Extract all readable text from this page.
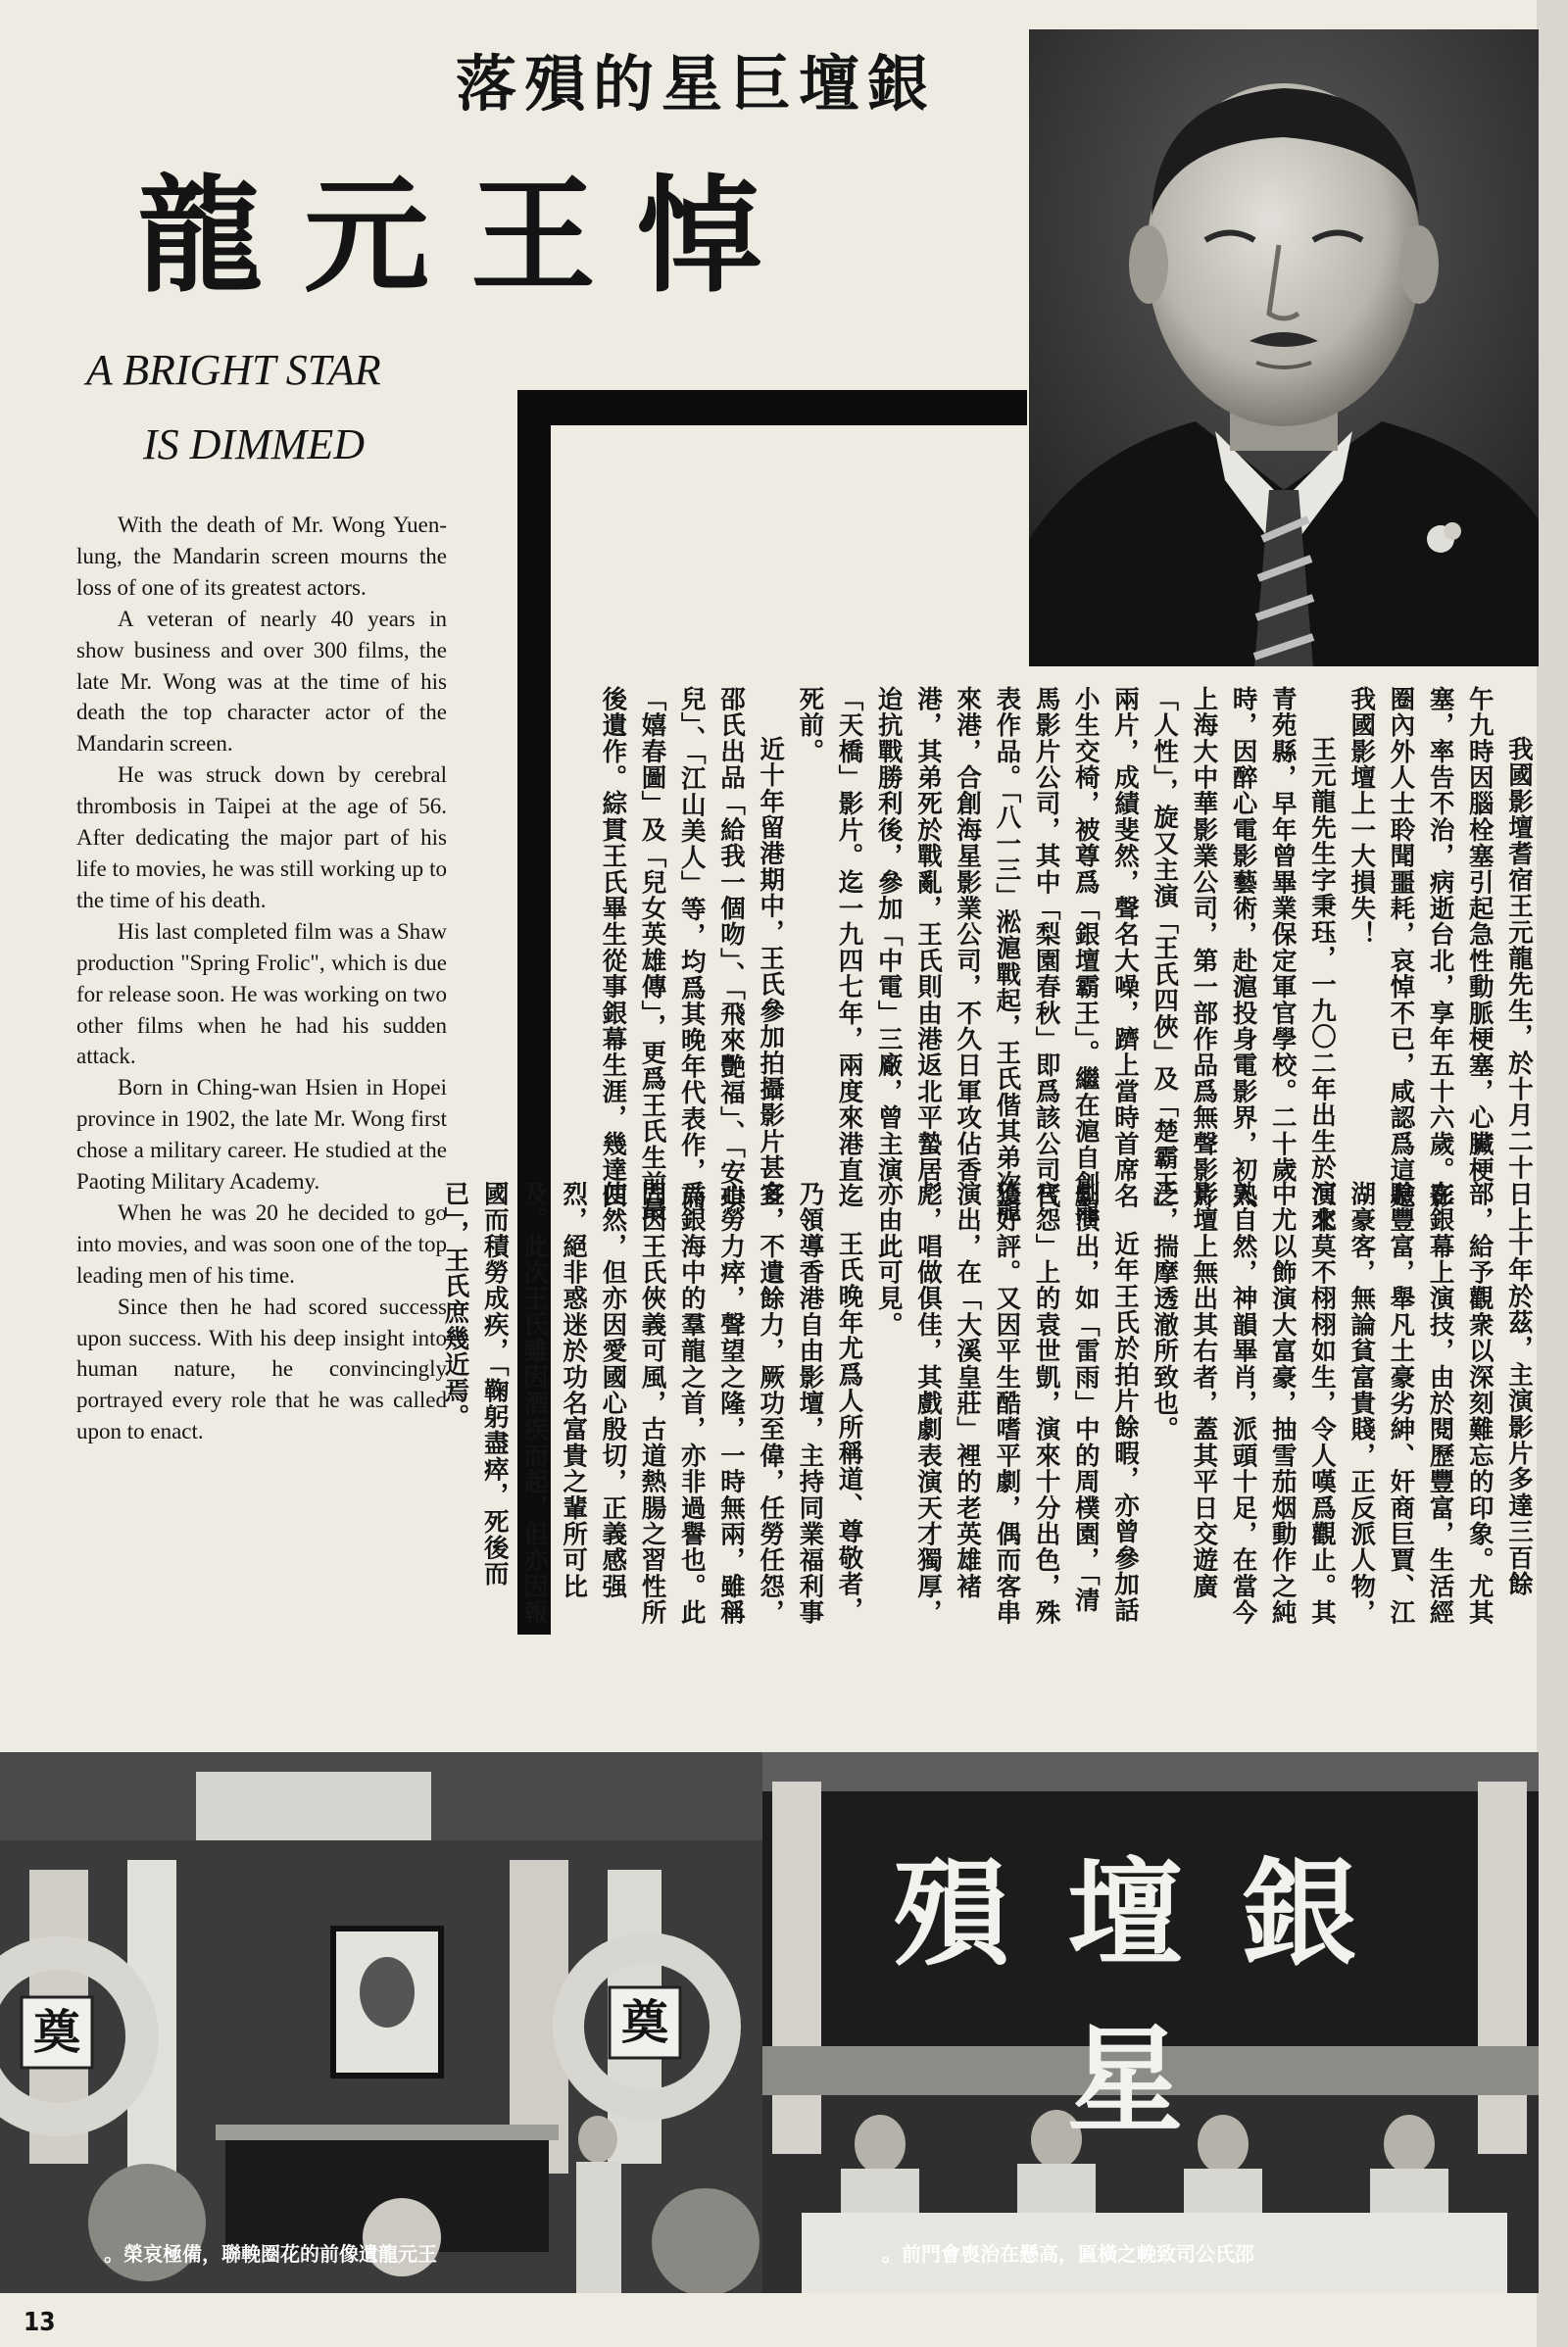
銀壇巨星的殞落
悼王元龍
A BRIGHT STAR
IS DIMMED

With the death of Mr. Wong Yuen-lung, the Mandarin screen mourns the loss of one of its greatest actors.

A veteran of nearly 40 years in show business and over 300 films, the late Mr. Wong was at the time of his death the top character actor of the Mandarin screen.

He was struck down by cerebral thrombosis in Taipei at the age of 56. After dedicating the major part of his life to movies, he was still working up to the time of his death.

His last completed film was a Shaw production "Spring Frolic", which is due for release soon. He was working on two other films when he had his sudden attack.

Born in Ching-wan Hsien in Hopei province in 1902, the late Mr. Wong first chose a military career. He studied at the Paoting Military Academy.

When he was 20 he decided to go into movies, and was soon one of the top leading men of his time.

Since then he had scored success upon success. With his deep insight into human nature, he convincingly portrayed every role that he was called upon to enact.

我國影壇耆宿王元龍先生，於十月二十日上午九時因腦栓塞引起急性動脈梗塞，心臟梗塞，率告不治，病逝台北，享年五十六歲。影圈內外人士聆聞噩耗，哀悼不已，咸認爲這是我國影壇上一大損失！

王元龍先生字秉珏，一九〇二年出生於河北青苑縣，早年曾畢業保定軍官學校。二十歲時，因醉心電影藝術，赴滬投身電影界，初入上海大中華影業公司，第一部作品爲無聲影片「人性」，旋又主演「王氏四俠」及「楚霸王」兩片，成績斐然，聲名大噪，躋上當時首席名小生交椅，被尊爲「銀壇霸王」。繼在滬自創龍馬影片公司，其中「梨園春秋」即爲該公司代表作品。「八一三」淞滬戰起，王氏偕其弟次龍來港，合創海星影業公司，不久日軍攻佔香港，其弟死於戰亂，王氏則由港返北平蟄居。迨抗戰勝利後，參加「中電」三廠，曾主演「天橋」影片。迄一九四七年，兩度來港直迄死前。

近十年留港期中，王氏參加拍攝影片甚多，邵氏出品「給我一個吻」、「飛來艷福」、「安琪兒」、「江山美人」等，均爲其晚年代表作，而「嬉春圖」及「兒女英雄傳」，更爲王氏生前最後遺作。綜貫王氏畢生從事銀幕生涯，幾達四

十年於茲，主演影片多達三百餘部，給予觀衆以深刻難忘的印象。尤其在銀幕上演技，由於閱歷豐富，生活經驗豐富，舉凡土豪劣紳、奸商巨賈、江湖豪客，無論貧富貴賤，正反派人物，演來莫不栩栩如生，令人嘆爲觀止。其中尤以飾演大富豪，抽雪茄烟動作之純熟自然，神韻畢肖，派頭十足，在當今影壇上無出其右者，蓋其平日交遊廣泛，揣摩透澈所致也。

近年王氏於拍片餘暇，亦曾參加話劇演出，如「雷雨」中的周樸園，「清宮怨」上的袁世凱，演來十分出色，殊獲好評。又因平生酷嗜平劇，偶而客串演出，在「大溪皇莊」裡的老英雄褚彪，唱做俱佳，其戲劇表演天才獨厚，亦由此可見。

王氏晚年尤爲人所稱道、尊敬者，乃領導香港自由影壇，主持同業福利事宜，不遺餘力，厥功至偉，任勞任怨，心勞力瘁，聲望之隆，一時無兩，雖稱爲銀海中的羣龍之首，亦非過譽也。此固因王氏俠義可風，古道熱腸之習性所使然，但亦因愛國心殷切，正義感强烈，絕非惑迷於功名富貴之輩所可比及。此次王氏雖因酒疾而起，但亦因報國而積勞成疾，「鞠躬盡瘁，死後而已」，王氏庶幾近焉。

奠	奠
銀壇殞星
王元龍遺像前的花圈輓聯，備極哀榮。	邵氏公司致輓之橫匾，高懸在治喪會門前。
13
